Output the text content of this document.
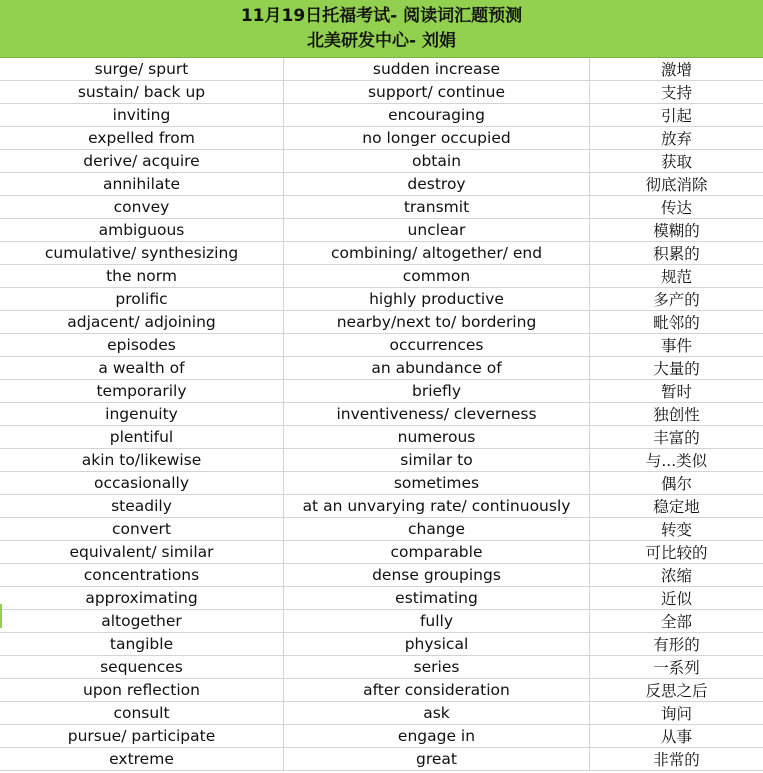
11月19日托福考试- 阅读词汇题预测
北美研发中心- 刘娟
surge/ spurt	sudden increase	激增
sustain/ back up	support/ continue	支持
inviting	encouraging	引起
expelled from	no longer occupied	放弃
derive/ acquire	obtain	获取
annihilate	destroy	彻底消除
convey	transmit	传达
ambiguous	unclear	模糊的
cumulative/ synthesizing	combining/ altogether/ end	积累的
the norm	common	规范
prolific	highly productive	多产的
adjacent/ adjoining	nearby/next to/ bordering	毗邻的
episodes	occurrences	事件
a wealth of	an abundance of	大量的
temporarily	briefly	暂时
ingenuity	inventiveness/ cleverness	独创性
plentiful	numerous	丰富的
akin to/likewise	similar to	与...类似
occasionally	sometimes	偶尔
steadily	at an unvarying rate/ continuously	稳定地
convert	change	转变
equivalent/ similar	comparable	可比较的
concentrations	dense groupings	浓缩
approximating	estimating	近似
altogether	fully	全部
tangible	physical	有形的
sequences	series	一系列
upon reflection	after consideration	反思之后
consult	ask	询问
pursue/ participate	engage in	从事
extreme	great	非常的
